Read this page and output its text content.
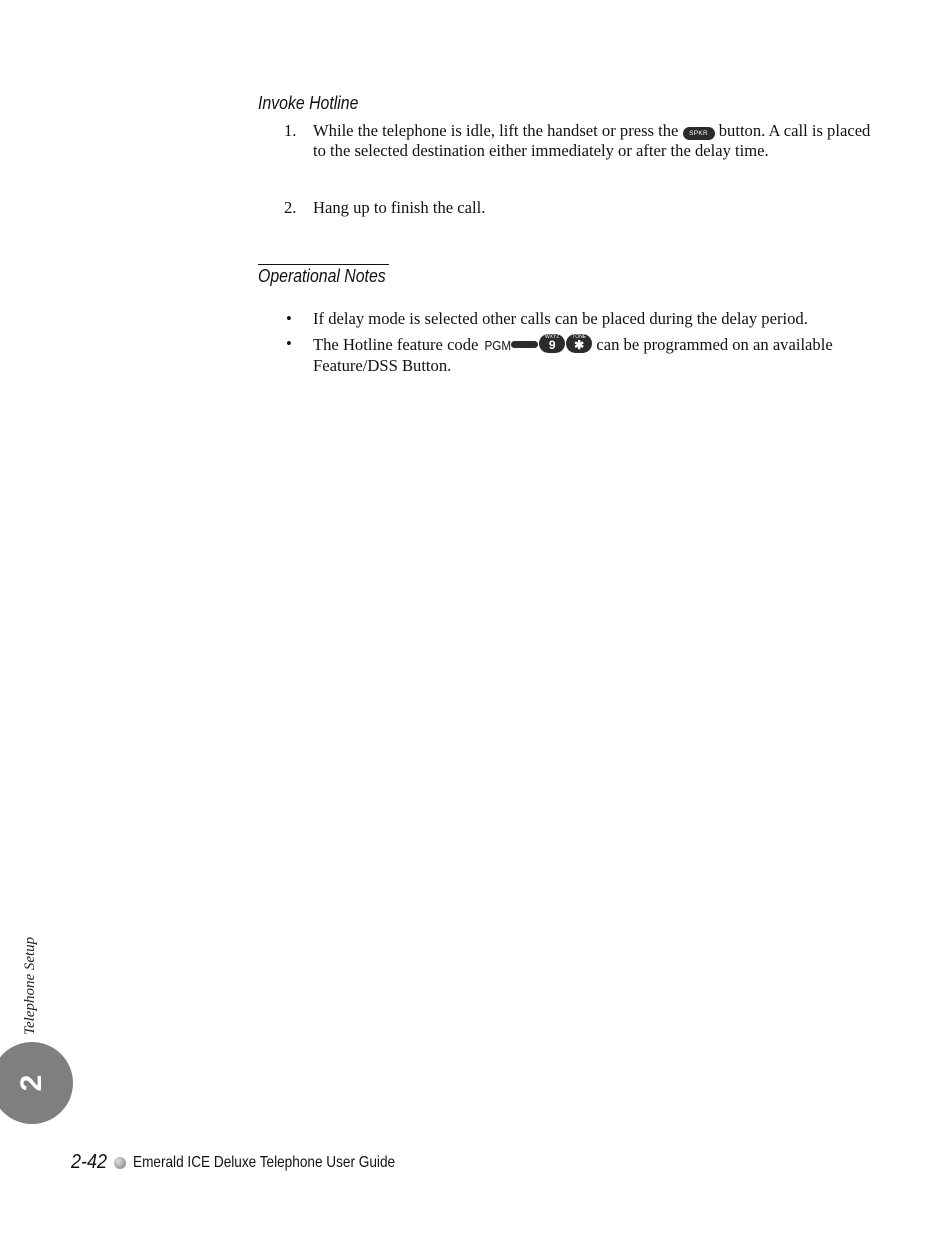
Invoke Hotline
1. While the telephone is idle, lift the handset or press the SPKR button. A call is placed to the selected destination either immediately or after the delay time.
2. Hang up to finish the call.
Operational Notes
• If delay mode is selected other calls can be placed during the delay period.
• The Hotline feature code PGM
WXYZ
9
TONE
✱ can be programmed on an available Feature/DSS Button.
Telephone Setup
2
2-42 Emerald ICE Deluxe Telephone User Guide
